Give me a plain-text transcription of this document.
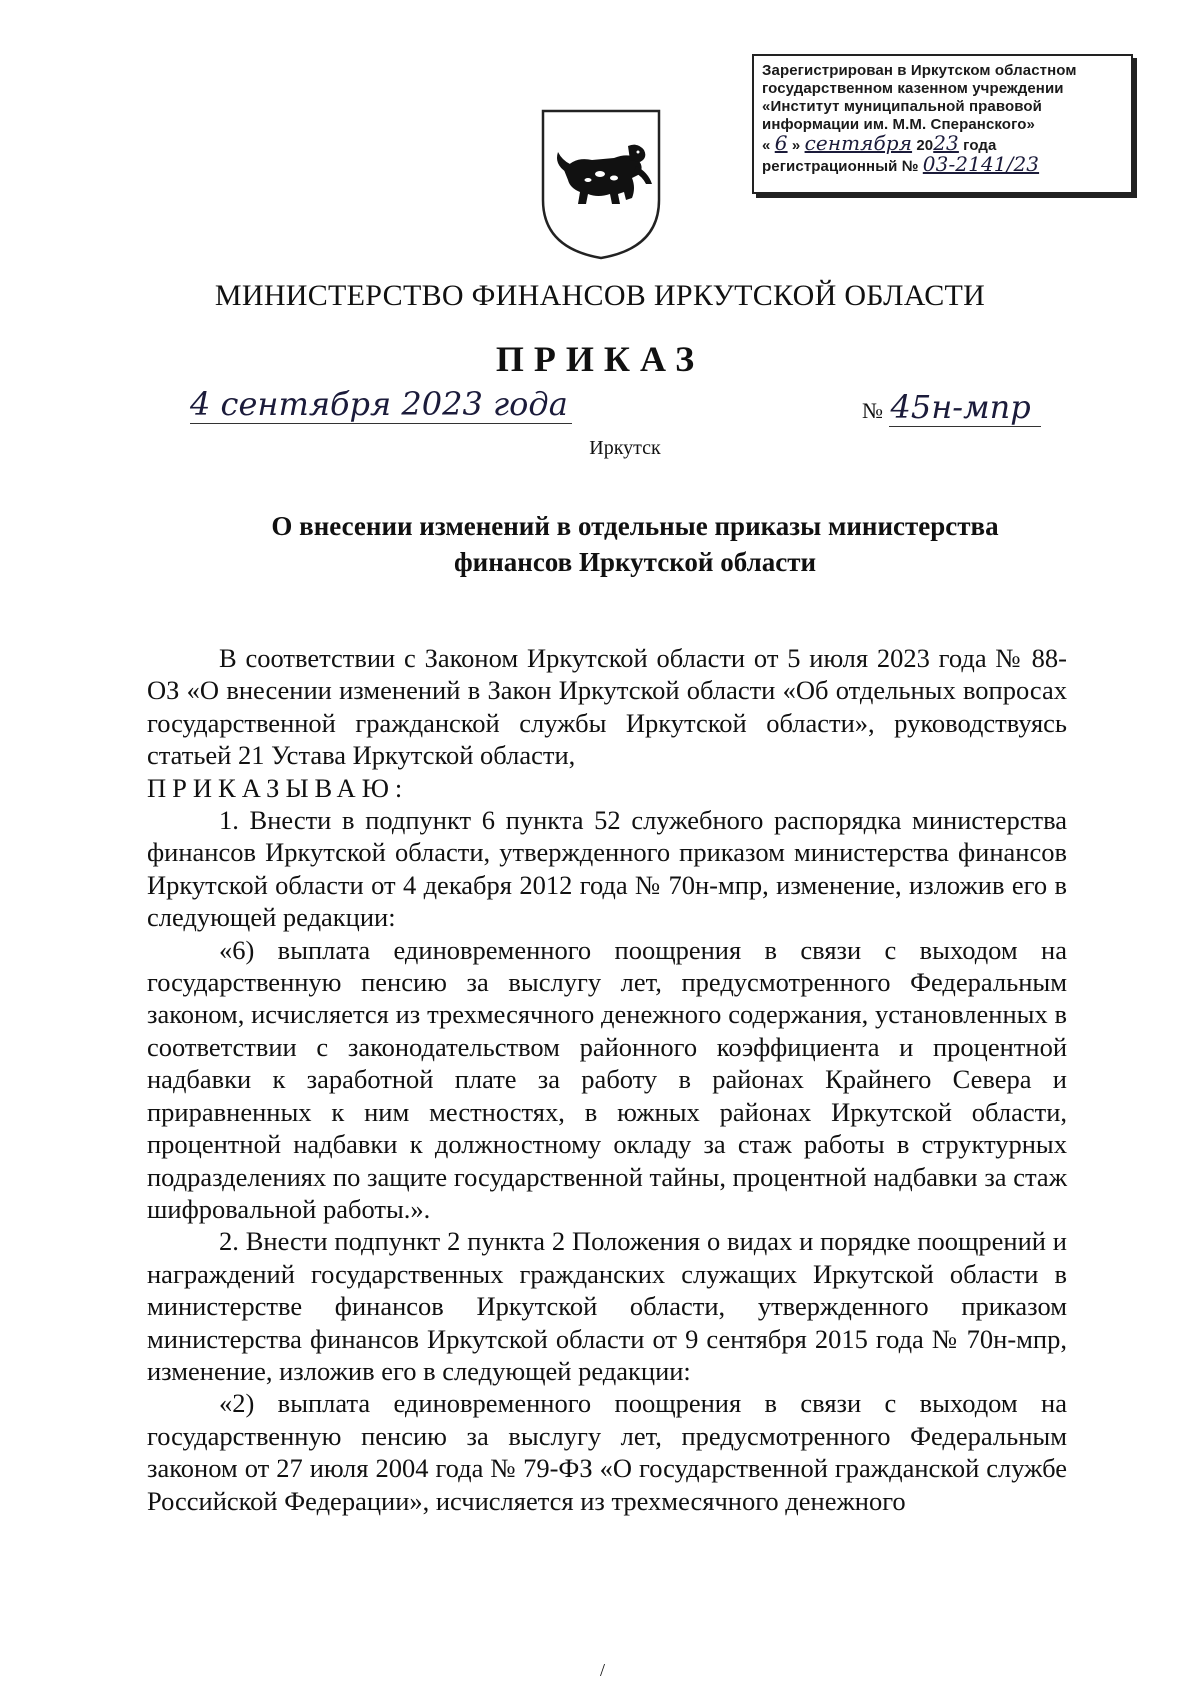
Зарегистрирован в Иркутском областном
государственном казенном учреждении
«Институт муниципальной правовой
информации им. М.М. Сперанского»
« 6 » сентября 2023 года
регистрационный № 03-2141/23
МИНИСТЕРСТВО ФИНАНСОВ ИРКУТСКОЙ ОБЛАСТИ
ПРИКАЗ
4 сентября 2023 года	№ 45н-мпр
Иркутск
О внесении изменений в отдельные приказы министерства
финансов Иркутской области

В соответствии с Законом Иркутской области от 5 июля 2023 года № 88-ОЗ «О внесении изменений в Закон Иркутской области «Об отдельных вопросах государственной гражданской службы Иркутской области», руководствуясь статьей 21 Устава Иркутской области,

ПРИКАЗЫВАЮ:

1. Внести в подпункт 6 пункта 52 служебного распорядка министерства финансов Иркутской области, утвержденного приказом министерства финансов Иркутской области от 4 декабря 2012 года № 70н-мпр, изменение, изложив его в следующей редакции:

«6) выплата единовременного поощрения в связи с выходом на государственную пенсию за выслугу лет, предусмотренного Федеральным законом, исчисляется из трехмесячного денежного содержания, установленных в соответствии с законодательством районного коэффициента и процентной надбавки к заработной плате за работу в районах Крайнего Севера и приравненных к ним местностях, в южных районах Иркутской области, процентной надбавки к должностному окладу за стаж работы в структурных подразделениях по защите государственной тайны, процентной надбавки за стаж шифровальной работы.».

2. Внести подпункт 2 пункта 2 Положения о видах и порядке поощрений и награждений государственных гражданских служащих Иркутской области в министерстве финансов Иркутской области, утвержденного приказом министерства финансов Иркутской области от 9 сентября 2015 года № 70н-мпр, изменение, изложив его в следующей редакции:

«2) выплата единовременного поощрения в связи с выходом на государственную пенсию за выслугу лет, предусмотренного Федеральным законом от 27 июля 2004 года № 79-ФЗ «О государственной гражданской службе Российской Федерации», исчисляется из трехмесячного денежного

/
